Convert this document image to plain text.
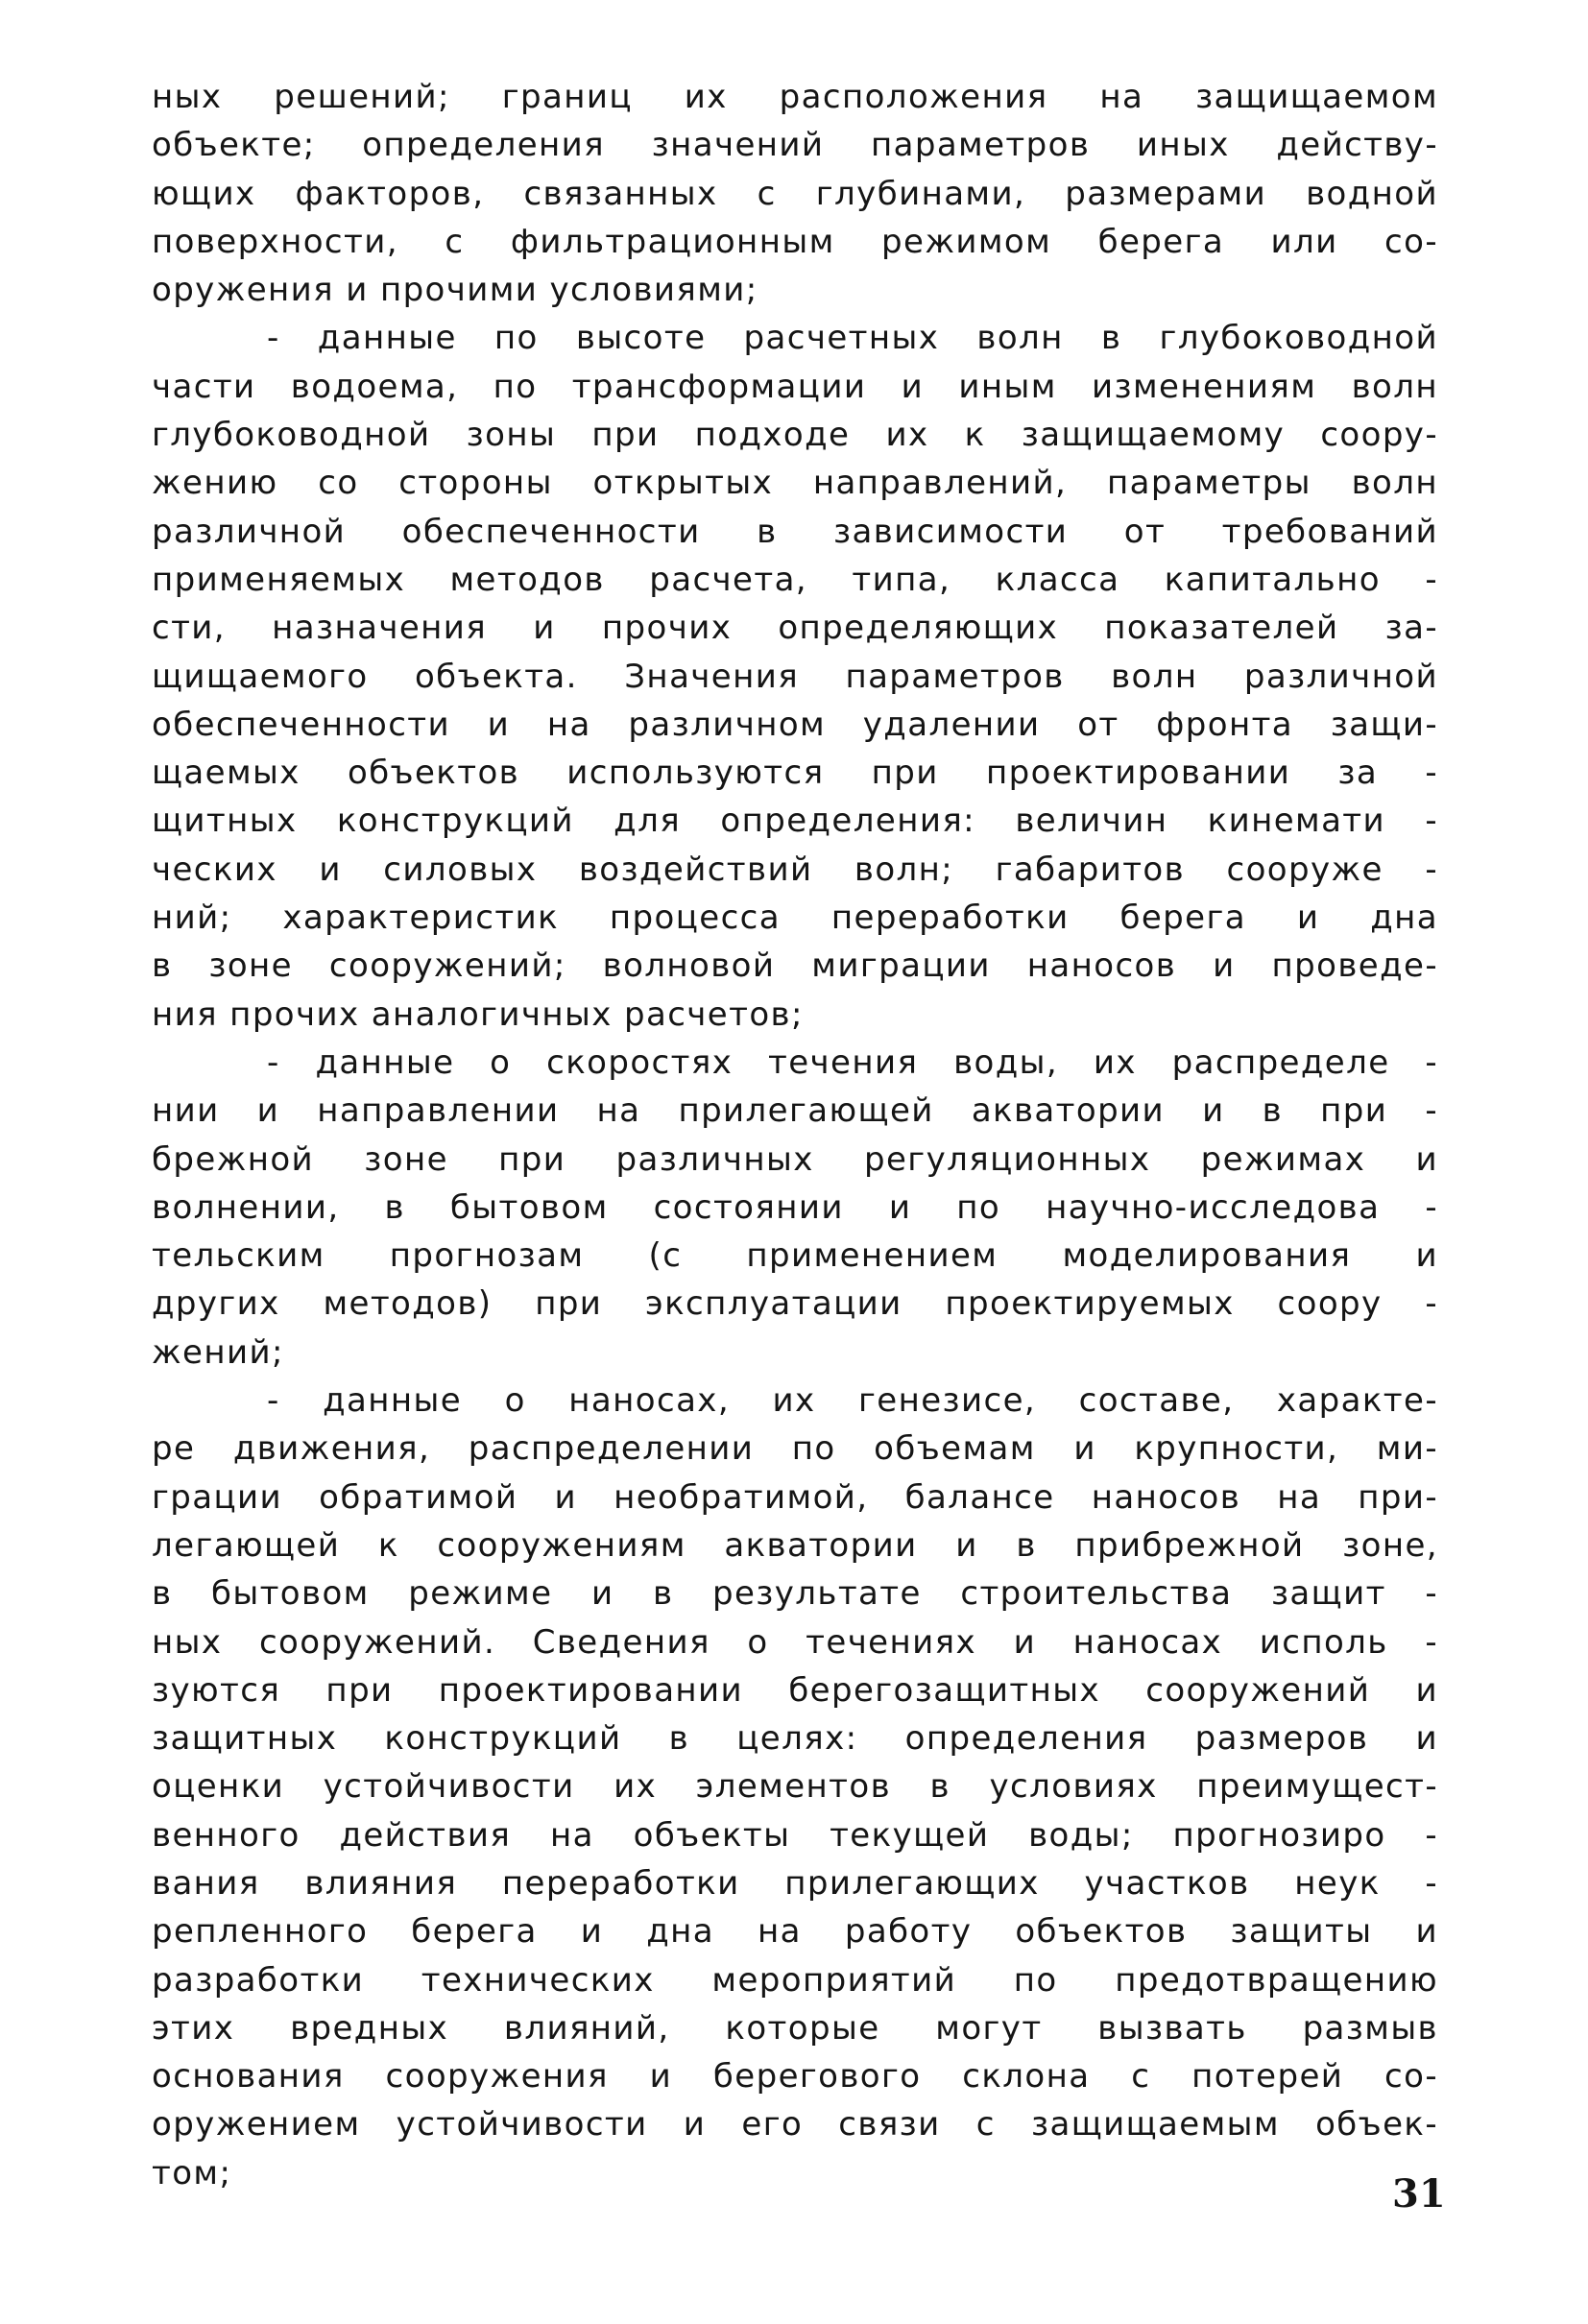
ных решений; границ их расположения на защищаемом
объекте; определения значений параметров иных действу-
ющих факторов, связанных с глубинами, размерами водной
поверхности, с фильтрационным режимом берега или со-
оружения и прочими условиями;
- данные по высоте расчетных волн в глубоководной
части водоема, по трансформации и иным изменениям волн
глубоководной зоны при подходе их к защищаемому соору-
жению со стороны открытых направлений, параметры волн
различной обеспеченности в зависимости от требований
применяемых методов расчета, типа, класса капитально -
сти, назначения и прочих определяющих показателей за-
щищаемого объекта. Значения параметров волн различной
обеспеченности и на различном удалении от фронта защи-
щаемых объектов используются при проектировании за -
щитных конструкций для определения: величин кинемати -
ческих и силовых воздействий волн; габаритов сооруже -
ний; характеристик процесса переработки берега и дна
в зоне сооружений; волновой миграции наносов и проведе-
ния прочих аналогичных расчетов;
- данные о скоростях течения воды, их распределе -
нии и направлении на прилегающей акватории и в при -
брежной зоне при различных регуляционных режимах и
волнении, в бытовом состоянии и по научно-исследова -
тельским прогнозам (с применением моделирования и
других методов) при эксплуатации проектируемых соору -
жений;
- данные о наносах, их генезисе, составе, характе-
ре движения, распределении по объемам и крупности, ми-
грации обратимой и необратимой, балансе наносов на при-
легающей к сооружениям акватории и в прибрежной зоне,
в бытовом режиме и в результате строительства защит -
ных сооружений. Сведения о течениях и наносах исполь -
зуются при проектировании берегозащитных сооружений и
защитных конструкций в целях: определения размеров и
оценки устойчивости их элементов в условиях преимущест-
венного действия на объекты текущей воды; прогнозиро -
вания влияния переработки прилегающих участков неук -
репленного берега и дна на работу объектов защиты и
разработки технических мероприятий по предотвращению
этих вредных влияний, которые могут вызвать размыв
основания сооружения и берегового склона с потерей со-
оружением устойчивости и его связи с защищаемым объек-
том;	31
